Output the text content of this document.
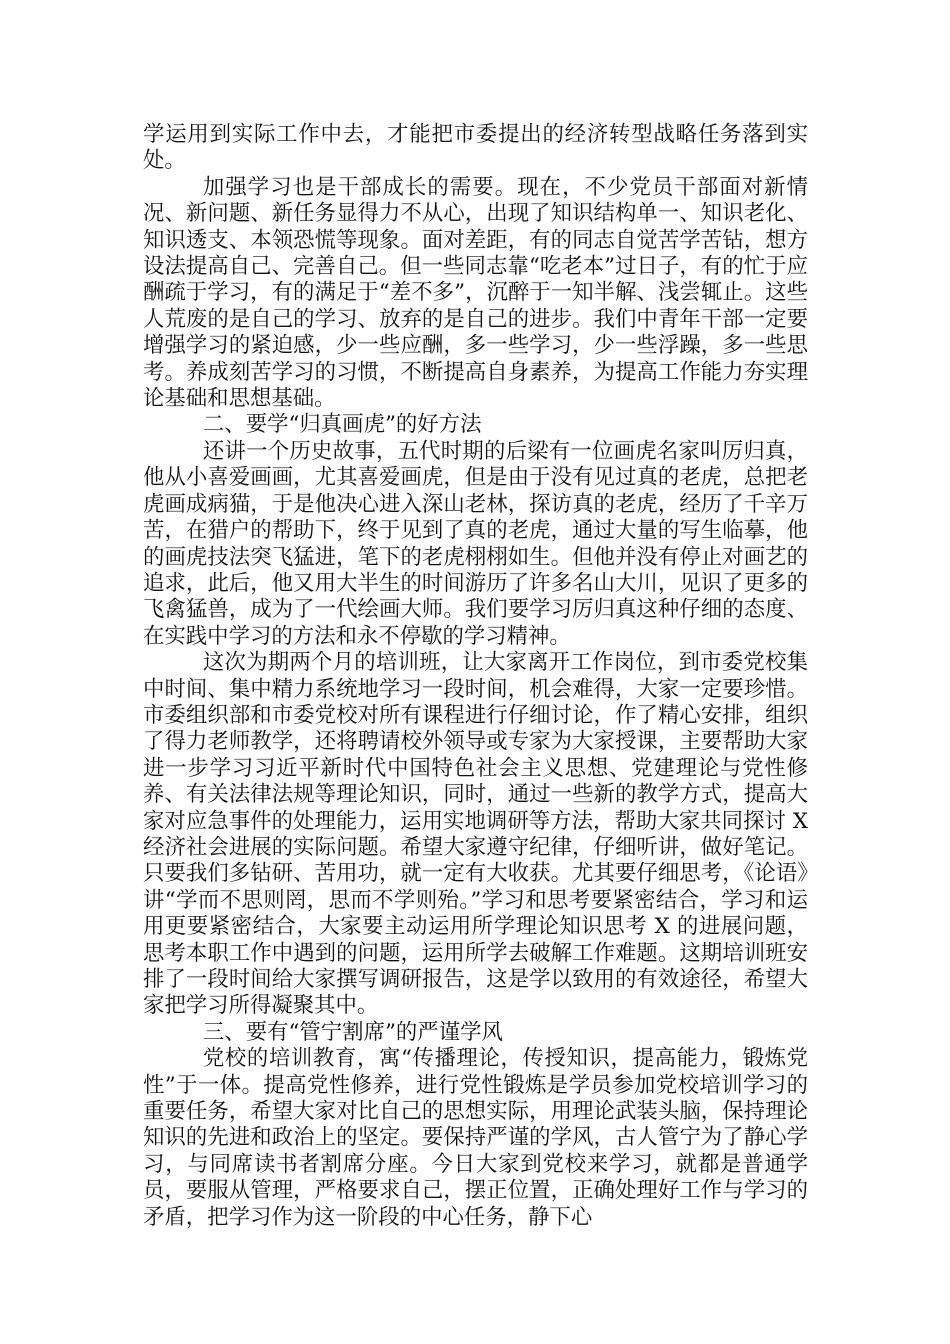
学运用到实际工作中去，才能把市委提出的经济转型战略任务落到实处。

加强学习也是干部成长的需要。现在，不少党员干部面对新情况、新问题、新任务显得力不从心，出现了知识结构单一、知识老化、知识透支、本领恐慌等现象。面对差距，有的同志自觉苦学苦钻，想方设法提高自己、完善自己。但一些同志靠“吃老本”过日子，有的忙于应酬疏于学习，有的满足于“差不多”，沉醉于一知半解、浅尝辄止。这些人荒废的是自己的学习、放弃的是自己的进步。我们中青年干部一定要增强学习的紧迫感，少一些应酬，多一些学习，少一些浮躁，多一些思考。养成刻苦学习的习惯，不断提高自身素养，为提高工作能力夯实理论基础和思想基础。

二、要学“归真画虎”的好方法

还讲一个历史故事，五代时期的后梁有一位画虎名家叫厉归真，他从小喜爱画画，尤其喜爱画虎，但是由于没有见过真的老虎，总把老虎画成病猫，于是他决心进入深山老林，探访真的老虎，经历了千辛万苦，在猎户的帮助下，终于见到了真的老虎，通过大量的写生临摹，他的画虎技法突飞猛进，笔下的老虎栩栩如生。但他并没有停止对画艺的追求，此后，他又用大半生的时间游历了许多名山大川，见识了更多的飞禽猛兽，成为了一代绘画大师。我们要学习厉归真这种仔细的态度、在实践中学习的方法和永不停歇的学习精神。

这次为期两个月的培训班，让大家离开工作岗位，到市委党校集中时间、集中精力系统地学习一段时间，机会难得，大家一定要珍惜。市委组织部和市委党校对所有课程进行仔细讨论，作了精心安排，组织了得力老师教学，还将聘请校外领导或专家为大家授课，主要帮助大家进一步学习习近平新时代中国特色社会主义思想、党建理论与党性修养、有关法律法规等理论知识，同时，通过一些新的教学方式，提高大家对应急事件的处理能力，运用实地调研等方法，帮助大家共同探讨 X 经济社会进展的实际问题。希望大家遵守纪律，仔细听讲，做好笔记。只要我们多钻研、苦用功，就一定有大收获。尤其要仔细思考，《论语》讲“学而不思则罔，思而不学则殆。”学习和思考要紧密结合，学习和运用更要紧密结合，大家要主动运用所学理论知识思考 X 的进展问题，思考本职工作中遇到的问题，运用所学去破解工作难题。这期培训班安排了一段时间给大家撰写调研报告，这是学以致用的有效途径，希望大家把学习所得凝聚其中。

三、要有“管宁割席”的严谨学风

党校的培训教育，寓“传播理论，传授知识，提高能力，锻炼党性”于一体。提高党性修养，进行党性锻炼是学员参加党校培训学习的重要任务，希望大家对比自己的思想实际，用理论武装头脑，保持理论知识的先进和政治上的坚定。要保持严谨的学风，古人管宁为了静心学习，与同席读书者割席分座。今日大家到党校来学习，就都是普通学员，要服从管理，严格要求自己，摆正位置，正确处理好工作与学习的矛盾，把学习作为这一阶段的中心任务，静下心
